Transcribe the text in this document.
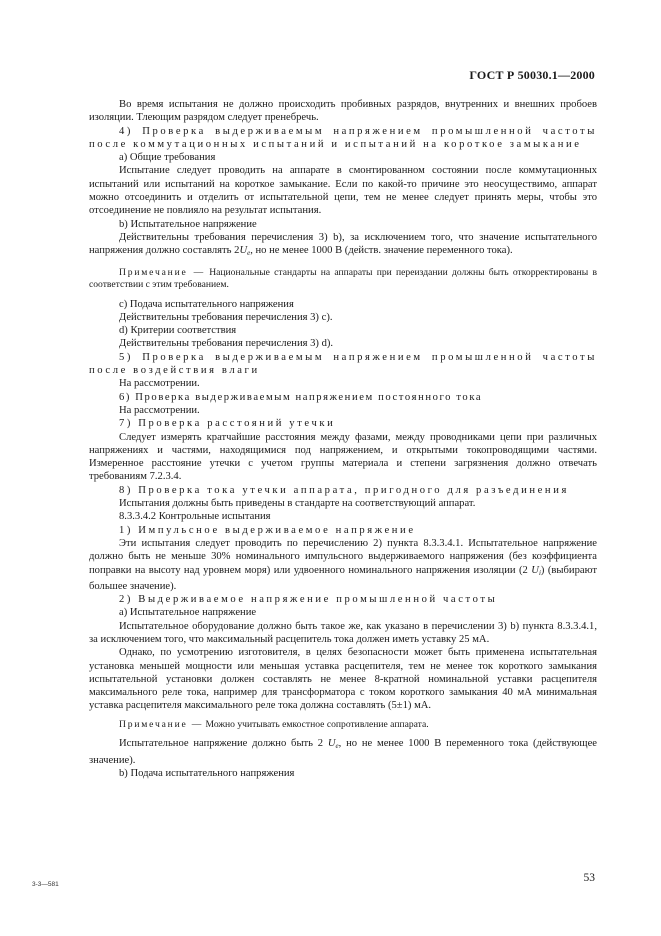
ГОСТ Р 50030.1—2000

Во время испытания не должно происходить пробивных разрядов, внутренних и внешних пробоев изоляции. Тлеющим разрядом следует пренебречь.

4) Проверка выдерживаемым напряжением промышленной частоты после коммутационных испытаний и испытаний на короткое замыкание

а) Общие требования

Испытание следует проводить на аппарате в смонтированном состоянии после коммутационных испытаний или испытаний на короткое замыкание. Если по какой-то причине это неосуществимо, аппарат можно отсоединить и отделить от испытательной цепи, тем не менее следует принять меры, чтобы это отсоединение не повлияло на результат испытания.

b) Испытательное напряжение

Действительны требования перечисления 3) b), за исключением того, что значение испытательного напряжения должно составлять $2U_e$, но не менее 1000 В (действ. значение переменного тока).

Примечание — Национальные стандарты на аппараты при переиздании должны быть откорректированы в соответствии с этим требованием.

с) Подача испытательного напряжения

Действительны требования перечисления 3) с).

d) Критерии соответствия

Действительны требования перечисления 3) d).

5) Проверка выдерживаемым напряжением промышленной частоты после воздействия влаги

На рассмотрении.

6) Проверка выдерживаемым напряжением постоянного тока

На рассмотрении.

7) Проверка расстояний утечки

Следует измерять кратчайшие расстояния между фазами, между проводниками цепи при различных напряжениях и частями, находящимися под напряжением, и открытыми токопроводящими частями. Измеренное расстояние утечки с учетом группы материала и степени загрязнения должно отвечать требованиям 7.2.3.4.

8) Проверка тока утечки аппарата, пригодного для разъединения

Испытания должны быть приведены в стандарте на соответствующий аппарат.

8.3.3.4.2 Контрольные испытания

1) Импульсное выдерживаемое напряжение

Эти испытания следует проводить по перечислению 2) пункта 8.3.3.4.1. Испытательное напряжение должно быть не меньше 30% номинального импульсного выдерживаемого напряжения (без коэффициента поправки на высоту над уровнем моря) или удвоенного номинального напряжения изоляции (2 $U_i$) (выбирают большее значение).

2) Выдерживаемое напряжение промышленной частоты

а) Испытательное напряжение

Испытательное оборудование должно быть такое же, как указано в перечислении 3) b) пункта 8.3.3.4.1, за исключением того, что максимальный расцепитель тока должен иметь уставку 25 мА.

Однако, по усмотрению изготовителя, в целях безопасности может быть применена испытательная установка меньшей мощности или меньшая уставка расцепителя, тем не менее ток короткого замыкания испытательной установки должен составлять не менее 8-кратной номинальной уставки расцепителя максимального реле тока, например для трансформатора с током короткого замыкания 40 мА минимальная уставка расцепителя максимального реле тока должна составлять (5±1) мА.

Примечание — Можно учитывать емкостное сопротивление аппарата.

Испытательное напряжение должно быть 2 $U_e$, но не менее 1000 В переменного тока (действующее значение).

b) Подача испытательного напряжения

3-3—581
53
